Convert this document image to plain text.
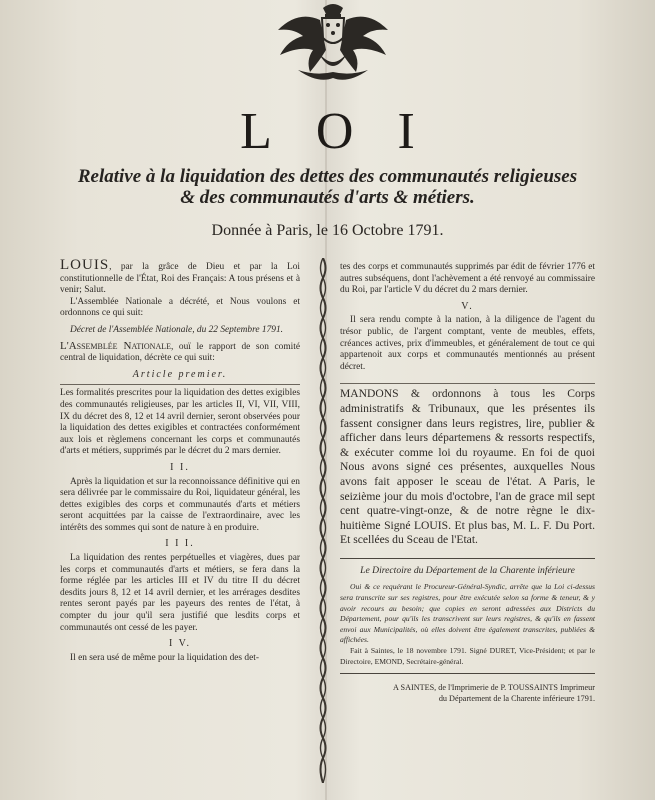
LOI
Relative à la liquidation des dettes des communautés religieuses
& des communautés d'arts & métiers.
Donnée à Paris, le 16 Octobre 1791.

LOUIS, par la grâce de Dieu et par la Loi constitutionnelle de l'État, Roi des Français: A tous présens et à venir; Salut.

L'Assemblée Nationale a décrété, et Nous voulons et ordonnons ce qui suit:

Décret de l'Assemblée Nationale, du 22 Septembre 1791.

L'Assemblée Nationale, ouï le rapport de son comité central de liquidation, décrète ce qui suit:

Article premier.

Les formalités prescrites pour la liquidation des dettes exigibles des communautés religieuses, par les articles II, VI, VII, VIII, IX du décret des 8, 12 et 14 avril dernier, seront observées pour la liquidation des dettes exigibles et contractées conformément aux lois et règlemens concernant les corps et communautés d'arts et métiers, supprimés par le décret du 2 mars dernier.

I I.

Après la liquidation et sur la reconnoissance définitive qui en sera délivrée par le commissaire du Roi, liquidateur général, les dettes exigibles des corps et communautés d'arts et métiers seront acquittées par la caisse de l'extraordinaire, avec les intérêts des sommes qui sont de nature à en produire.

I I I.

La liquidation des rentes perpétuelles et viagères, dues par les corps et communautés d'arts et métiers, se fera dans la forme réglée par les articles III et IV du titre II du décret desdits jours 8, 12 et 14 avril dernier, et les arrérages desdites rentes seront payés par les payeurs des rentes de l'état, à compter du jour qu'il sera justifié que lesdits corps et communautés ont cessé de les payer.

I V.

Il en sera usé de même pour la liquidation des det-

tes des corps et communautés supprimés par édit de février 1776 et autres subséquens, dont l'achèvement a été renvoyé au commissaire du Roi, par l'article V du décret du 2 mars dernier.

V.

Il sera rendu compte à la nation, à la diligence de l'agent du trésor public, de l'argent comptant, vente de meubles, effets, créances actives, prix d'immeubles, et généralement de tout ce qui appartenoit aux corps et communautés mentionnés au présent décret.

MANDONS & ordonnons à tous les Corps administratifs & Tribunaux, que les présentes ils fassent consigner dans leurs registres, lire, publier & afficher dans leurs départemens & ressorts respectifs, & exécuter comme loi du royaume. En foi de quoi Nous avons signé ces présentes, auxquelles Nous avons fait apposer le sceau de l'état. A Paris, le seizième jour du mois d'octobre, l'an de grace mil sept cent quatre-vingt-onze, & de notre règne le dix-huitième Signé LOUIS. Et plus bas, M. L. F. Du Port. Et scellées du Sceau de l'Etat.

Le Directoire du Département de la Charente inférieure

Oui & ce requérant le Procureur-Général-Syndic, arrête que la Loi ci-dessus sera transcrite sur ses registres, pour être exécutée selon sa forme & teneur, & y avoir recours au besoin; que copies en seront adressées aux Districts du Département, pour qu'ils les transcrivent sur leurs registres, & qu'ils en fassent envoi aux Municipalités, où elles doivent être également transcrites, publiées & affichées.

Fait à Saintes, le 18 novembre 1791. Signé DURET, Vice-Président; et par le Directoire, EMOND, Secrétaire-général.

A SAINTES, de l'Imprimerie de P. TOUSSAINTS Imprimeur
du Département de la Charente inférieure 1791.
